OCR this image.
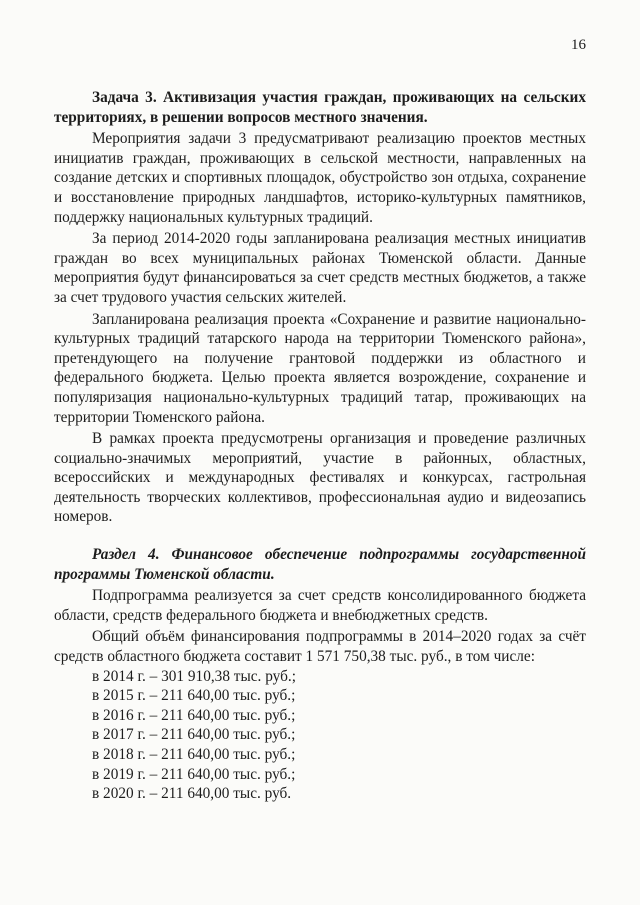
16

Задача 3. Активизация участия граждан, проживающих на сельских территориях, в решении вопросов местного значения.

Мероприятия задачи 3 предусматривают реализацию проектов местных инициатив граждан, проживающих в сельской местности, направленных на создание детских и спортивных площадок, обустройство зон отдыха, сохранение и восстановление природных ландшафтов, историко-культурных памятников, поддержку национальных культурных традиций.

За период 2014-2020 годы запланирована реализация местных инициатив граждан во всех муниципальных районах Тюменской области. Данные мероприятия будут финансироваться за счет средств местных бюджетов, а также за счет трудового участия сельских жителей.

Запланирована реализация проекта «Сохранение и развитие национально-культурных традиций татарского народа на территории Тюменского района», претендующего на получение грантовой поддержки из областного и федерального бюджета. Целью проекта является возрождение, сохранение и популяризация национально-культурных традиций татар, проживающих на территории Тюменского района.

В рамках проекта предусмотрены организация и проведение различных социально-значимых мероприятий, участие в районных, областных, всероссийских и международных фестивалях и конкурсах, гастрольная деятельность творческих коллективов, профессиональная аудио и видеозапись номеров.

Раздел 4. Финансовое обеспечение подпрограммы государственной программы Тюменской области.

Подпрограмма реализуется за счет средств консолидированного бюджета области, средств федерального бюджета и внебюджетных средств.

Общий объём финансирования подпрограммы в 2014–2020 годах за счёт средств областного бюджета составит 1 571 750,38 тыс. руб., в том числе:

в 2014 г. – 301 910,38 тыс. руб.;
в 2015 г. – 211 640,00 тыс. руб.;
в 2016 г. – 211 640,00 тыс. руб.;
в 2017 г. – 211 640,00 тыс. руб.;
в 2018 г. – 211 640,00 тыс. руб.;
в 2019 г. – 211 640,00 тыс. руб.;
в 2020 г. – 211 640,00 тыс. руб.
